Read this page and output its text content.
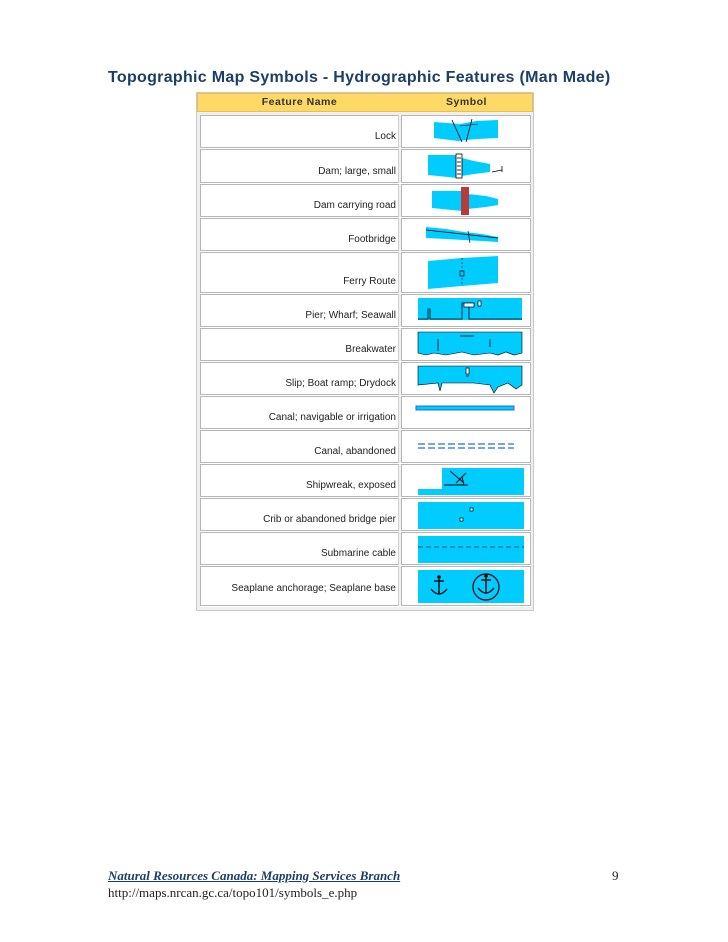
Topographic Map Symbols - Hydrographic Features (Man Made)
Feature Name	Symbol
Lock
Dam; large, small
Dam carrying road
Footbridge
Ferry Route
Pier; Wharf; Seawall
Breakwater
Slip; Boat ramp; Drydock
Canal; navigable or irrigation
Canal, abandoned
Shipwreak, exposed
Crib or abandoned bridge pier
Submarine cable
Seaplane anchorage; Seaplane base
Natural Resources Canada: Mapping Services Branch
http://maps.nrcan.gc.ca/topo101/symbols_e.php
9
